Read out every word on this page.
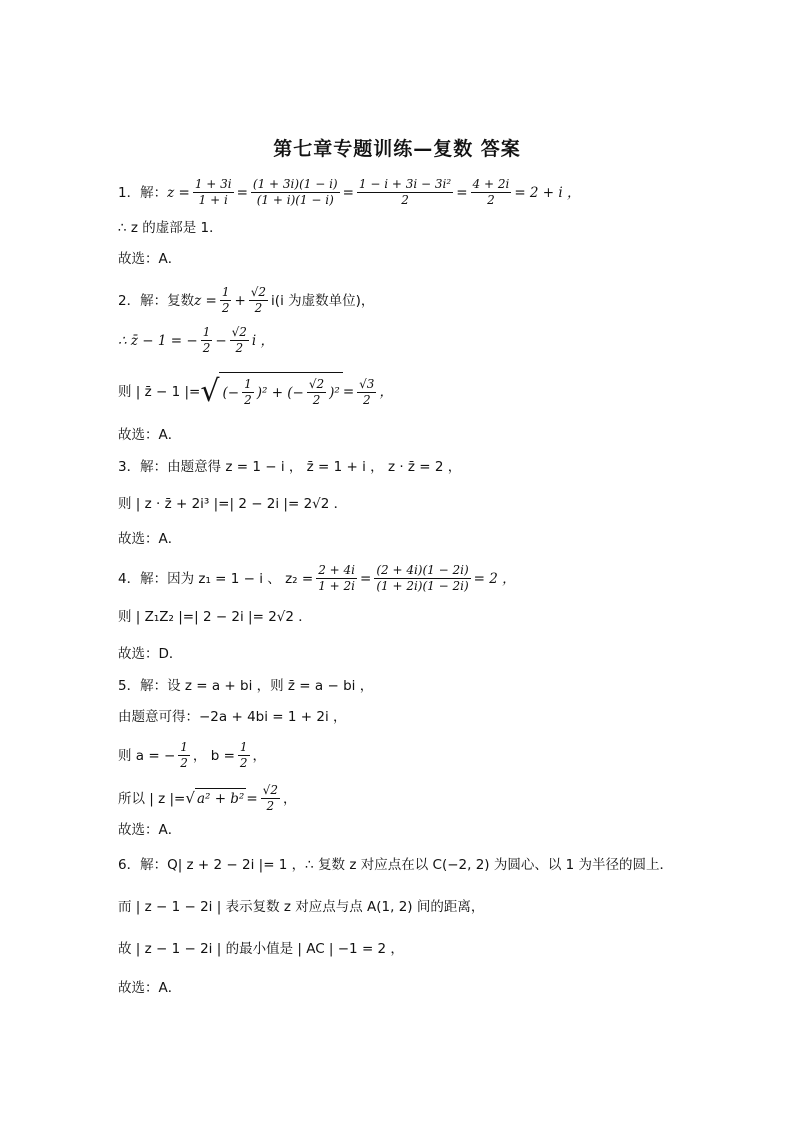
第七章专题训练—复数 答案
1．解： $z = \frac{1 + 3i}{1 + i} = \frac{(1 + 3i)(1 - i)}{(1 + i)(1 - i)} = \frac{\text{1 − i + 3i − 3i²}}{2} = \frac{4 + 2i}{2} = 2 + i$ ，
∴ z 的虚部是 1．
故选：A．
2．解：复数 $z = \frac{1}{2} + \frac{√2}{2} i(i$ 为虚数单位)，
∴ z̄ − 1 = − $\frac{1}{2} - \frac{√2}{2}$ i ，
则 | z̄ − 1 |= √ (− $\frac{1}{2} )^2$ + (− $\frac{√2}{2} )^2 = \frac{√3}{2}$ ，
故选：A．
3．解：由题意得 z = 1 − i ， z̄ = 1 + i ， z · z̄ = 2 ，
则 | z · z̄ + 2i³ |=| 2 − 2i |= 2√2 ．
故选：A．
4．解：因为 z₁ = 1 − i 、 $z_2 = \frac{2 + 4i}{1 + 2i} = \frac{(2 + 4i)(1 - 2i)}{(1 + 2i)(1 - 2i)} = 2$ ，
则 | Z₁Z₂ |=| 2 − 2i |= 2√2 ．
故选：D．
5．解：设 z = a + bi ，则 z̄ = a − bi ，
由题意可得：−2a + 4bi = 1 + 2i ，
则 a = − $\frac{1}{2}$ ， $b = \frac{1}{2}$ ，
所以 | z |= √ $a^2 + b^2 = \frac{√2}{2}$ ，
故选：A．
6．解：Q| z + 2 − 2i |= 1 ，∴ 复数 z 对应点在以 C(−2, 2) 为圆心、以 1 为半径的圆上．
而 | z − 1 − 2i | 表示复数 z 对应点与点 A(1, 2) 间的距离，
故 | z − 1 − 2i | 的最小值是 | AC | −1 = 2 ，
故选：A．
